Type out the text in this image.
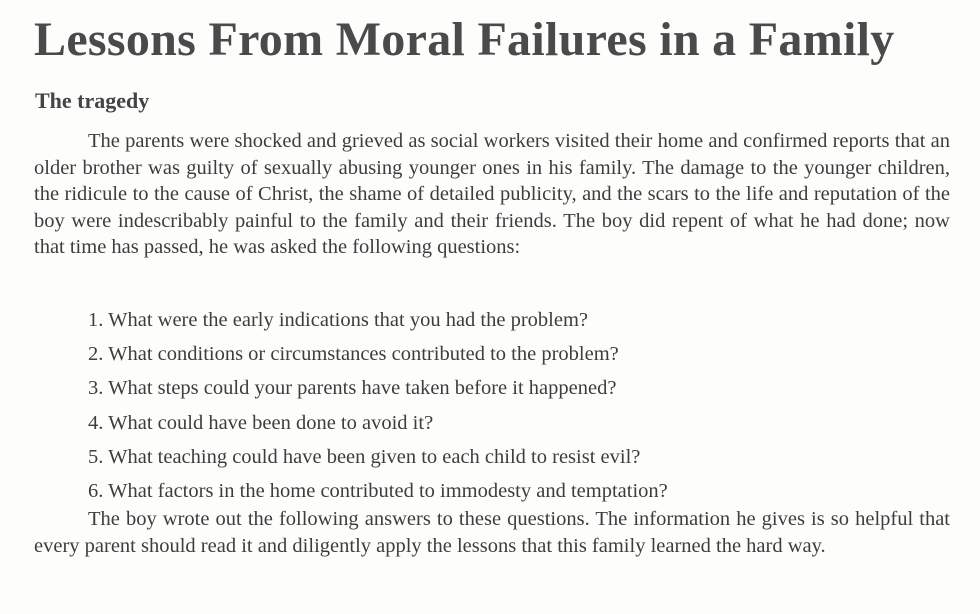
Lessons From Moral Failures in a Family
The tragedy

The parents were shocked and grieved as social workers visited their home and confirmed reports that an older brother was guilty of sexually abusing younger ones in his family. The damage to the younger children, the ridicule to the cause of Christ, the shame of detailed publicity, and the scars to the life and reputation of the boy were indescribably painful to the family and their friends. The boy did repent of what he had done; now that time has passed, he was asked the following questions:

1. What were the early indications that you had the problem?
2. What conditions or circumstances contributed to the problem?
3. What steps could your parents have taken before it happened?
4. What could have been done to avoid it?
5. What teaching could have been given to each child to resist evil?
6. What factors in the home contributed to immodesty and temptation?

The boy wrote out the following answers to these questions. The information he gives is so helpful that every parent should read it and diligently apply the lessons that this family learned the hard way.
